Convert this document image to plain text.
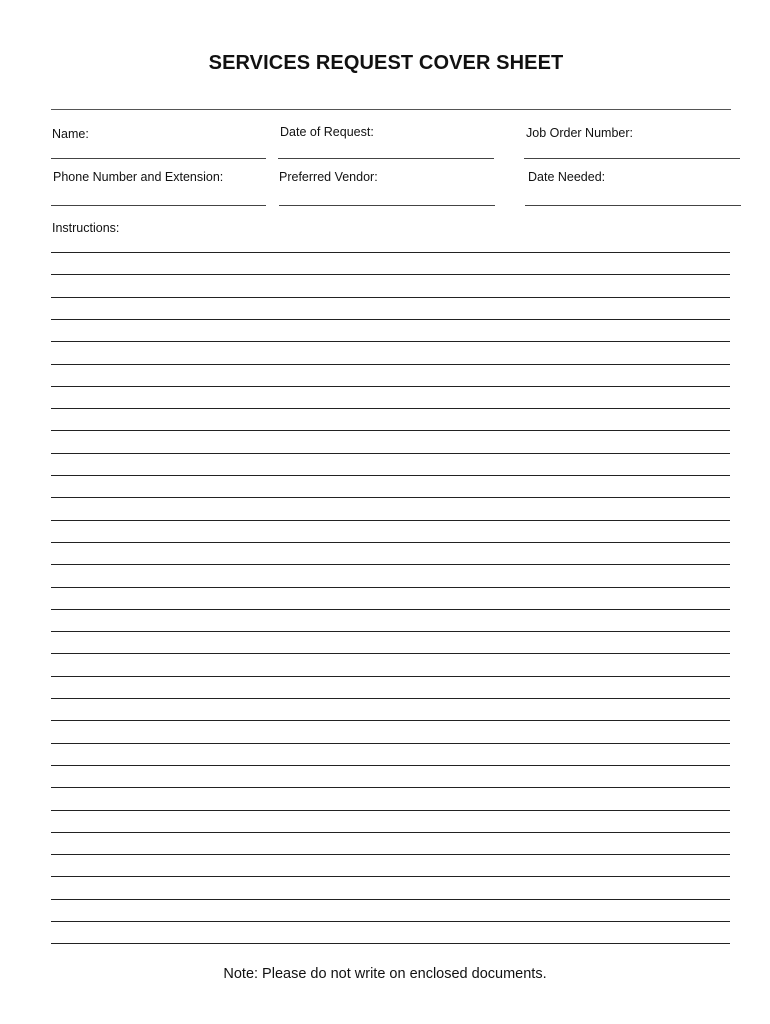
SERVICES REQUEST COVER SHEET
Name:	Date of Request:	Job Order Number:
Phone Number and Extension:	Preferred Vendor:	Date Needed:
Instructions:
Note: Please do not write on enclosed documents.
